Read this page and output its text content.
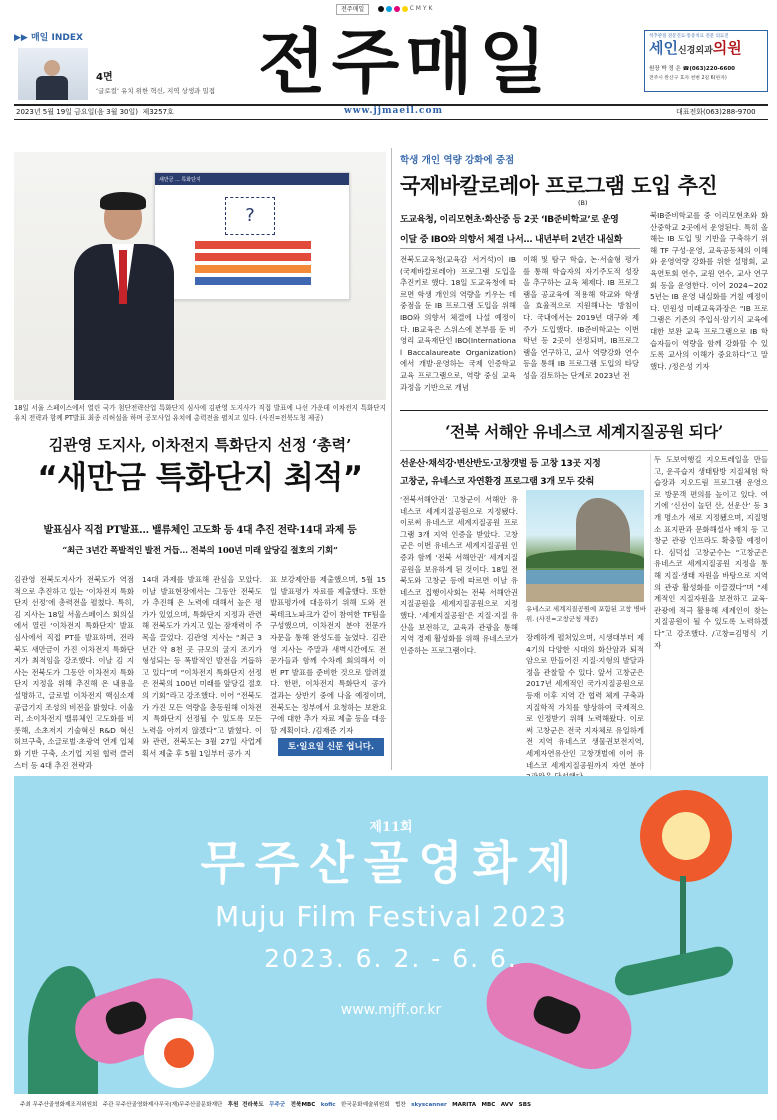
전주매일	C M Y K
▶▶ 매일 INDEX
4면
‘글로컬’ 유치 위한 혁신, 지역 상생과 밀접 전주매일	척추관절 전문진료·통증치료 전문 의료진
세인신경외과의원
원장 박 정 은 ☎(063)220-6600
전주시 완산구 효자 천변 2길 6(한자)
2023년 5월 19일 금요일(음 3월 30일) 제3257호	www.jjmaeil.com	대표전화(063)288-9700
새만금 ... 특화단지
?
18일 서울 스페이스에서 열린 국가 첨단전략산업 특화단지 심사에 김관영 도지사가 직접 발표에 나선 가운데 이차전지 특화단지 유치 전략과 함께 PT발표 최종 리허설을 하며 공모사업 유치에 총력전을 펼치고 있다. (사진=전북도청 제공)
김관영 도지사, 이차전지 특화단지 선정 ‘총력’
“새만금 특화단지 최적”
발표심사 직접 PT발표… 밸류체인 고도화 등 4대 추진 전략·14대 과제 등
“최근 3년간 폭발적인 발전 거듭… 전북의 100년 미래 앞당길 절호의 기회”
김관영 전북도지사가 전북도가 역점적으로 추진하고 있는 ‘이차전지 특화단지 선정’에 총력전을 펼쳤다. 특히, 김 지사는 18일 서울스페이스 회의실에서 열린 ‘이차전지 특화단지’ 발표심사에서 직접 PT를 발표하며, 전라북도 새만금이 가진 이차전지 특화단지가 최적임을 강조했다. 이날 김 지사는 전북도가 그동안 이차전지 특화단지 지정을 위해 추진해 온 내용을 설명하고, 글로벌 이차전지 핵심소재 공급기지 조성의 비전을 밝혔다. 이울러, 소이차전지 밸류체인 고도화를 비롯해, 소초저지 기술혁신 R&D 혁신 허브구축, 소글로벌·초광역 연계 입체화 기반 구축, 소기업 지원 협력 클러스터 등 4대 추진 전략과
14대 과제를 발표해 관심을 모았다. 이날 발표현장에서는 그동안 전북도가 추진해 온 노력에 대해서 높은 평가가 있었으며, 특화단지 지정과 관련해 전북도가 가지고 있는 잠재력이 주목을 끌었다. 김관영 지사는 “최근 3년간 약 8천 곳 규모의 굴지 조기가 형성되는 등 폭발적인 발전을 거듭하고 있다”며 “이차전지 특화단지 선정은 전북의 100년 미래를 앞당길 절호의 기회”라고 강조했다. 이어 “전북도가 가진 모든 역량을 총동원해 이차전지 특화단지 선정될 수 있도록 모든 노력을 아끼지 않겠다”고 밝혔다. 이와 관련, 전북도는 3월 27일 사업계획서 제출 후 5월 1일부터 공가 지
표 보강제안를 제출했으며, 5월 15일 발표평가 자료를 제출했다. 또한 발표평가에 대응하기 위해 도와 전북테크노파크가 같이 참여한 TF팀을 구성했으며, 이차전지 분야 전문가 자문을 통해 완성도를 높였다. 김관영 지사는 주말과 새벽시간에도 전문가들과 함께 수차례 회의해서 이번 PT 발표를 준비한 것으로 알려졌다. 한편, 이차전지 특화단지 공가 결과는 상반기 중에 나올 예정이며, 전북도는 정부에서 요청하는 보완요구에 대한 추가 자료 제출 등을 대응할 계획이다. /김재준 기자
토·일요일 신문 쉽니다.
학생 개인 역량 강화에 중점
국제바칼로레아 프로그램 도입 추진
(B)
도교육청, 이리모현초·화산중 등 2곳 ‘IB준비학교’로 운영
이달 중 IBO와 의향서 체결 나서… 내년부터 2년간 내실화
전북도교육청(교육감 서거석)이 IB(국제바칼로레아) 프로그램 도입을 추진키로 했다. 18일 도교육청에 따르면 학생 개인의 역량을 키우는 데 중점을 둔 IB 프로그램 도입을 위해 IBO와 의향서 체결에 나설 예정이다. IB교육은 스위스에 본부를 둔 비영리 교육재단인 IBO(International Baccalaureate Organization)에서 개발·운영하는 국제 인증학교 교육 프로그램으로, 역량 중심 교육과정을 기반으로 개념
이해 및 탐구 학습, 논·서술형 평가를 통해 학습자의 자기주도적 성장을 추구하는 교육 체제다. IB 프로그램을 공교육에 적용해 학교와 학생을 효율적으로 지원해나는 방침이다. 국내에서는 2019년 대구와 제주가 도입했다. IB준비학교는 이번 학년 등 2곳이 선정되며, IB프로그램을 연구하고, 교사 역량강화 연수 등을 통해 IB 프로그램 도입의 타당성을 검토하는 단계로 2023년 전
북IB준비학교를 중 이리모현초와 화산중학교 2곳에서 운영된다. 특히 올해는 IB 도입 및 기반을 구축하기 위해 TF 구성·운영, 교육공동체의 이해와 운영역량 강화를 위한 설명회, 교육연토회 연수, 교원 연수, 교사 연구회 등을 운영한다. 이어 2024~2025년는 IB 운영 내실화를 거칠 예정이다. 민원성 미래교육과장은 “IB 프로그램은 기존의 주입식·암기식 교육에 대한 보완 교육 프로그램으로 IB 학습자들이 역량을 함께 강화할 수 있도록 교사의 이해가 중요하다”고 말했다. /정은성 기자
‘전북 서해안 유네스코 세계지질공원 되다’
선운산·채석강·변산반도·고창갯벌 등 고창 13곳 지정
고창군, 유네스코 자연환경 프로그램 3개 모두 갖춰
‘전북서해안권’ 고창군이 서해안 유네스코 세계지질공원으로 지정됐다. 이로써 유네스코 세계지질공원 프로그램 3개 지역 인증을 받았다. 고창군은 이번 유네스코 세계지질공원 인증과 함께 ‘전북 서해안권’ 세계지질공원을 보유하게 된 것이다. 18일 전북도와 고창군 등에 따르면 이날 유네스코 집행이사회는 전북 서해안권 지질공원을 세계지질공원으로 지정했다. ‘세계지질공원’은 지질·지질 유산을 보전하고, 교육과 관광을 통해 지역 경제 활성화를 위해 유네스코가 인증하는 프로그램이다.
유네스코 세계지질공원에 포함된 고창 병바위. (사진=고창군청 제공)
장례하게 펼쳐있으며, 시생대부터 제4기의 다양한 시대의 화산암과 퇴적암으로 만들어진 지질·지형의 발달과정을 관찰할 수 있다. 앞서 고창군은 2017년 세계적인 국가지질공원으로 등재 이후 지역 간 협력 체계 구축과 지질학적 가치를 향상하여 국제적으로 인정받기 위해 노력해왔다. 이로써 고창군은 전국 지자체로 유일하게 전 지역 유네스코 생물권보전지역, 세계자연유산인 고창갯벌에 이어 유네스코 세계지질공원까지 자연 분야
두 도보여행길 지오트레일을 만들고, 운곡습지 생태탐방 지질체험 학습장과 지오드림 프로그램 운영으로 방문객 편의를 높이고 있다. 여기에 ‘신선이 놀던 산, 선운산’ 등 3개 명소가 새로 지정됐으며, 지질명소 표지판과 문화해설사 배치 등 고창군 관광 인프라도 확충할 예정이다. 심덕섭 고창군수는 “고창군은 유네스코 세계지질공원 지정을 통해 지질·생태 자원을 바탕으로 지역의 관광 활성화를 이끌겠다”며 “세계적인 지질자원을 보전하고 교육·관광에 적극 활용해 세계인이 찾는 지질공원이 될 수 있도록 노력하겠다”고 강조했다. /고창=김명식 기자
제11회
무주산골영화제
Muju Film Festival 2023
2023. 6. 2. - 6. 6.
www.mjff.or.kr
주최 무주산골영화제조직위원회 주관 무주산골영화제사무국(재)무주산골문화재단 후원 전라북도 무주군 전북MBC kofic 한국문화예술위원회 협찬 skyscanner MARITA MBC AVV SBS
